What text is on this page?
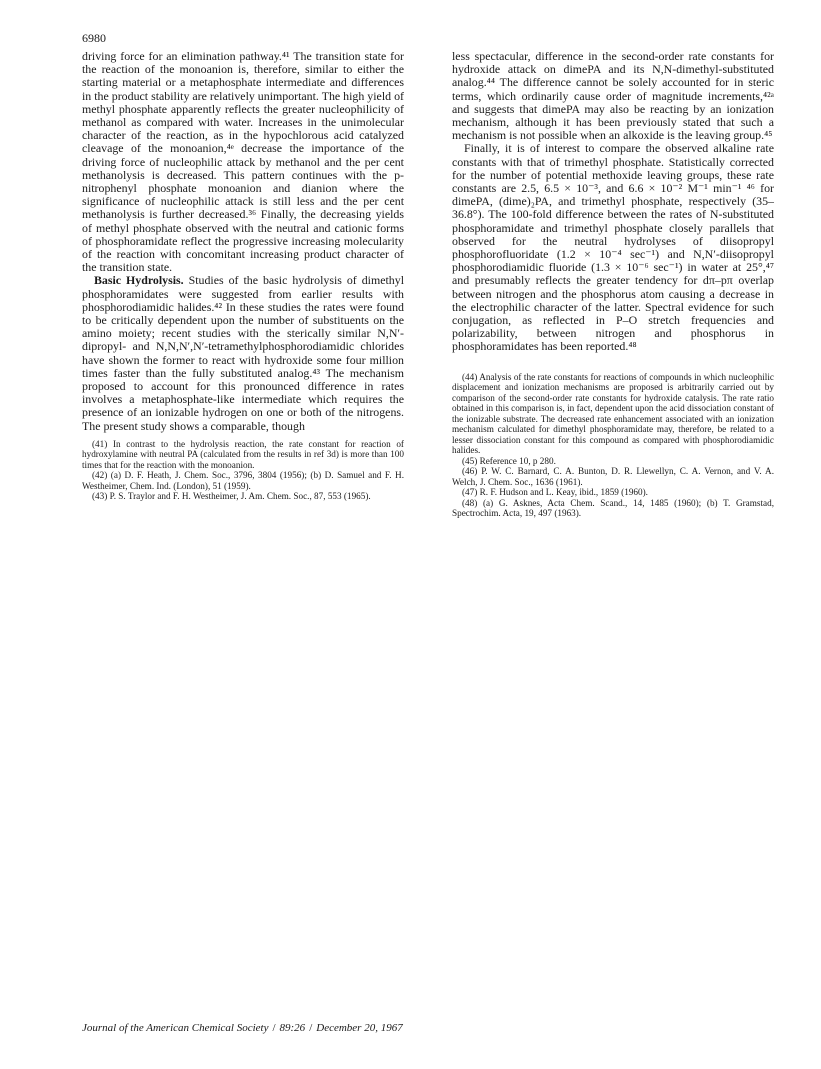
6980

driving force for an elimination pathway.⁴¹ The transition state for the reaction of the monoanion is, therefore, similar to either the starting material or a metaphosphate intermediate and differences in the product stability are relatively unimportant. The high yield of methyl phosphate apparently reflects the greater nucleophilicity of methanol as compared with water. Increases in the unimolecular character of the reaction, as in the hypochlorous acid catalyzed cleavage of the monoanion,⁴ᵉ decrease the importance of the driving force of nucleophilic attack by methanol and the per cent methanolysis is decreased. This pattern continues with the p-nitrophenyl phosphate monoanion and dianion where the significance of nucleophilic attack is still less and the per cent methanolysis is further decreased.³⁶ Finally, the decreasing yields of methyl phosphate observed with the neutral and cationic forms of phosphoramidate reflect the progressive increasing molecularity of the reaction with concomitant increasing product character of the transition state.

Basic Hydrolysis. Studies of the basic hydrolysis of dimethyl phosphoramidates were suggested from earlier results with phosphorodiamidic halides.⁴² In these studies the rates were found to be critically dependent upon the number of substituents on the amino moiety; recent studies with the sterically similar N,N′-dipropyl- and N,N,N′,N′-tetramethylphosphorodiamidic chlorides have shown the former to react with hydroxide some four million times faster than the fully substituted analog.⁴³ The mechanism proposed to account for this pronounced difference in rates involves a metaphosphate-like intermediate which requires the presence of an ionizable hydrogen on one or both of the nitrogens. The present study shows a comparable, though

(41) In contrast to the hydrolysis reaction, the rate constant for reaction of hydroxylamine with neutral PA (calculated from the results in ref 3d) is more than 100 times that for the reaction with the monoanion.

(42) (a) D. F. Heath, J. Chem. Soc., 3796, 3804 (1956); (b) D. Samuel and F. H. Westheimer, Chem. Ind. (London), 51 (1959).

(43) P. S. Traylor and F. H. Westheimer, J. Am. Chem. Soc., 87, 553 (1965).

less spectacular, difference in the second-order rate constants for hydroxide attack on dimePA and its N,N-dimethyl-substituted analog.⁴⁴ The difference cannot be solely accounted for in steric terms, which ordinarily cause order of magnitude increments,⁴²ᵃ and suggests that dimePA may also be reacting by an ionization mechanism, although it has been previously stated that such a mechanism is not possible when an alkoxide is the leaving group.⁴⁵

Finally, it is of interest to compare the observed alkaline rate constants with that of trimethyl phosphate. Statistically corrected for the number of potential methoxide leaving groups, these rate constants are 2.5, 6.5 × 10⁻³, and 6.6 × 10⁻² M⁻¹ min⁻¹ ⁴⁶ for dimePA, (dime)₂PA, and trimethyl phosphate, respectively (35–36.8°). The 100-fold difference between the rates of N-substituted phosphoramidate and trimethyl phosphate closely parallels that observed for the neutral hydrolyses of diisopropyl phosphorofluoridate (1.2 × 10⁻⁴ sec⁻¹) and N,N′-diisopropyl phosphorodiamidic fluoride (1.3 × 10⁻⁶ sec⁻¹) in water at 25°,⁴⁷ and presumably reflects the greater tendency for dπ–pπ overlap between nitrogen and the phosphorus atom causing a decrease in the electrophilic character of the latter. Spectral evidence for such conjugation, as reflected in P–O stretch frequencies and polarizability, between nitrogen and phosphorus in phosphoramidates has been reported.⁴⁸

(44) Analysis of the rate constants for reactions of compounds in which nucleophilic displacement and ionization mechanisms are proposed is arbitrarily carried out by comparison of the second-order rate constants for hydroxide catalysis. The rate ratio obtained in this comparison is, in fact, dependent upon the acid dissociation constant of the ionizable substrate. The decreased rate enhancement associated with an ionization mechanism calculated for dimethyl phosphoramidate may, therefore, be related to a lesser dissociation constant for this compound as compared with phosphorodiamidic halides.

(45) Reference 10, p 280.

(46) P. W. C. Barnard, C. A. Bunton, D. R. Llewellyn, C. A. Vernon, and V. A. Welch, J. Chem. Soc., 1636 (1961).

(47) R. F. Hudson and L. Keay, ibid., 1859 (1960).

(48) (a) G. Asknes, Acta Chem. Scand., 14, 1485 (1960); (b) T. Gramstad, Spectrochim. Acta, 19, 497 (1963).

Journal of the American Chemical Society / 89:26 / December 20, 1967
